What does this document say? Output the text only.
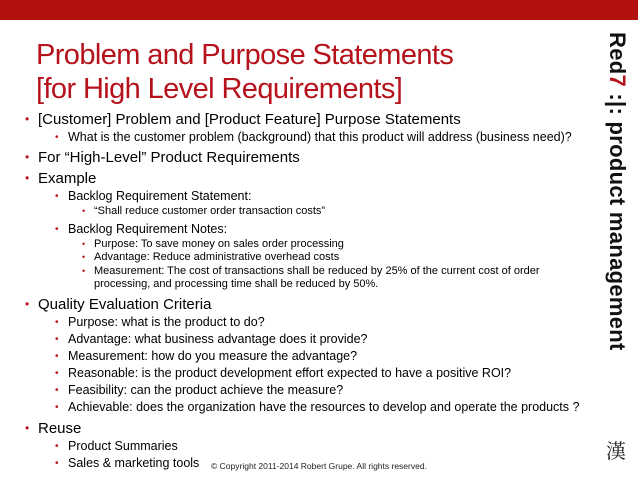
Problem and Purpose Statements
[for High Level Requirements]
• [Customer] Problem and [Product Feature] Purpose Statements
• What is the customer problem (background) that this product will address (business need)?
• For “High-Level” Product Requirements
• Example
• Backlog Requirement Statement:
• “Shall reduce customer order transaction costs”
• Backlog Requirement Notes:
• Purpose: To save money on sales order processing
• Advantage: Reduce administrative overhead costs
• Measurement: The cost of transactions shall be reduced by 25% of the current cost of order processing, and processing time shall be reduced by 50%.
• Quality Evaluation Criteria
• Purpose: what is the product to do?
• Advantage: what business advantage does it provide?
• Measurement: how do you measure the advantage?
• Reasonable: is the product development effort expected to have a positive ROI?
• Feasibility: can the product achieve the measure?
• Achievable: does the organization have the resources to develop and operate the products ?
• Reuse
• Product Summaries
• Sales & marketing tools
Red7 :|: product management
漢
© Copyright 2011-2014 Robert Grupe. All rights reserved.
